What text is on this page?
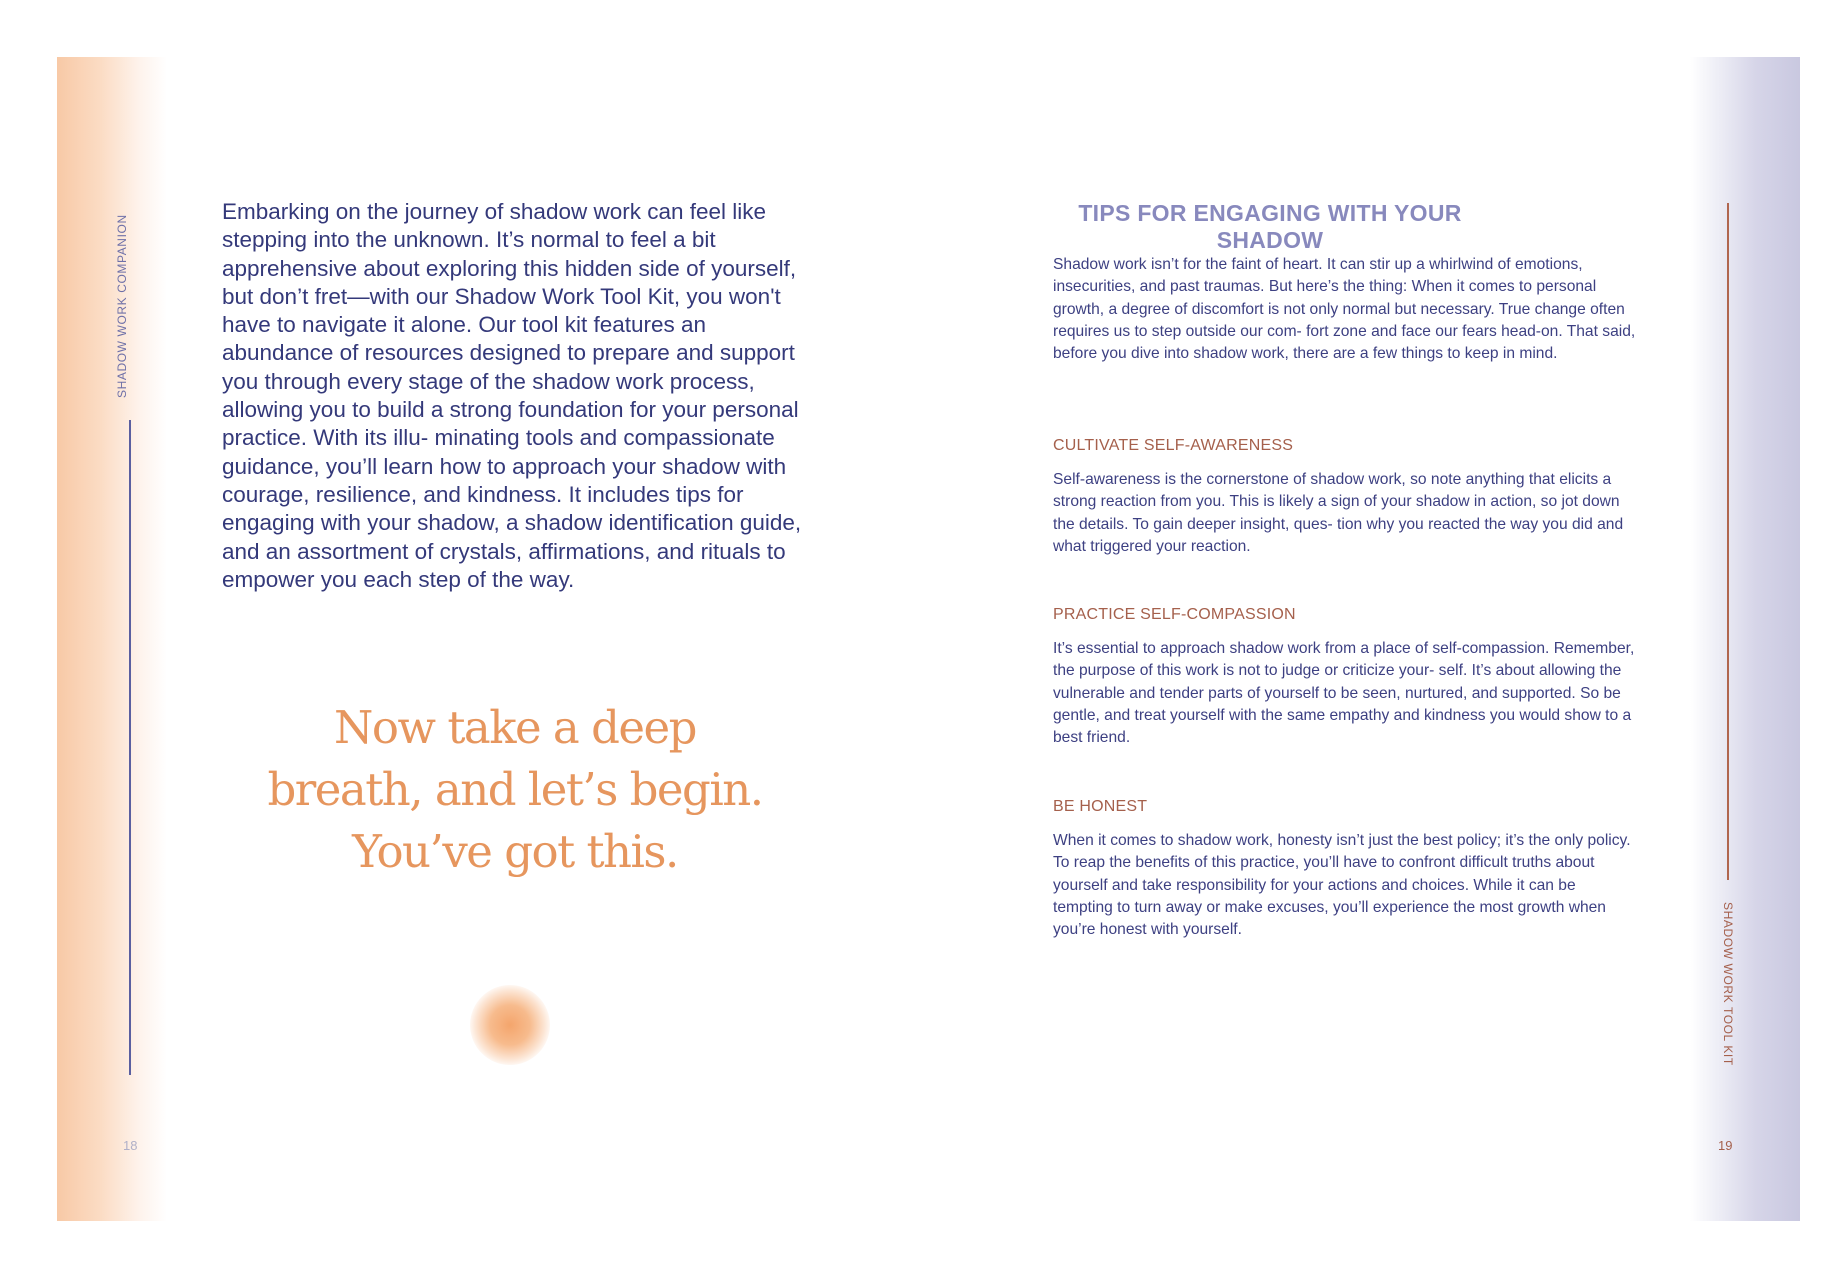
SHADOW WORK COMPANION
18

Embarking on the journey of shadow work can feel like stepping into the unknown. It’s normal to feel a bit apprehensive about exploring this hidden side of yourself, but don’t fret—with our Shadow Work Tool Kit, you won't have to navigate it alone. Our tool kit features an abundance of resources designed to prepare and support you through every stage of the shadow work process, allowing you to build a strong foundation for your personal practice. With its illu- minating tools and compassionate guidance, you’ll learn how to approach your shadow with courage, resilience, and kindness. It includes tips for engaging with your shadow, a shadow identification guide, and an assortment of crystals, affirmations, and rituals to empower you each step of the way.

Now take a deep
breath, and let’s begin.
You’ve got this.
SHADOW WORK TOOL KIT
19
TIPS FOR ENGAGING WITH YOUR SHADOW

Shadow work isn’t for the faint of heart. It can stir up a whirlwind of emotions, insecurities, and past traumas. But here’s the thing: When it comes to personal growth, a degree of discomfort is not only normal but necessary. True change often requires us to step outside our com- fort zone and face our fears head-on. That said, before you dive into shadow work, there are a few things to keep in mind.

CULTIVATE SELF-AWARENESS

Self-awareness is the cornerstone of shadow work, so note anything that elicits a strong reaction from you. This is likely a sign of your shadow in action, so jot down the details. To gain deeper insight, ques- tion why you reacted the way you did and what triggered your reaction.

PRACTICE SELF-COMPASSION

It’s essential to approach shadow work from a place of self-compassion. Remember, the purpose of this work is not to judge or criticize your- self. It’s about allowing the vulnerable and tender parts of yourself to be seen, nurtured, and supported. So be gentle, and treat yourself with the same empathy and kindness you would show to a best friend.

BE HONEST

When it comes to shadow work, honesty isn’t just the best policy; it’s the only policy. To reap the benefits of this practice, you’ll have to confront difficult truths about yourself and take responsibility for your actions and choices. While it can be tempting to turn away or make excuses, you’ll experience the most growth when you’re honest with yourself.
